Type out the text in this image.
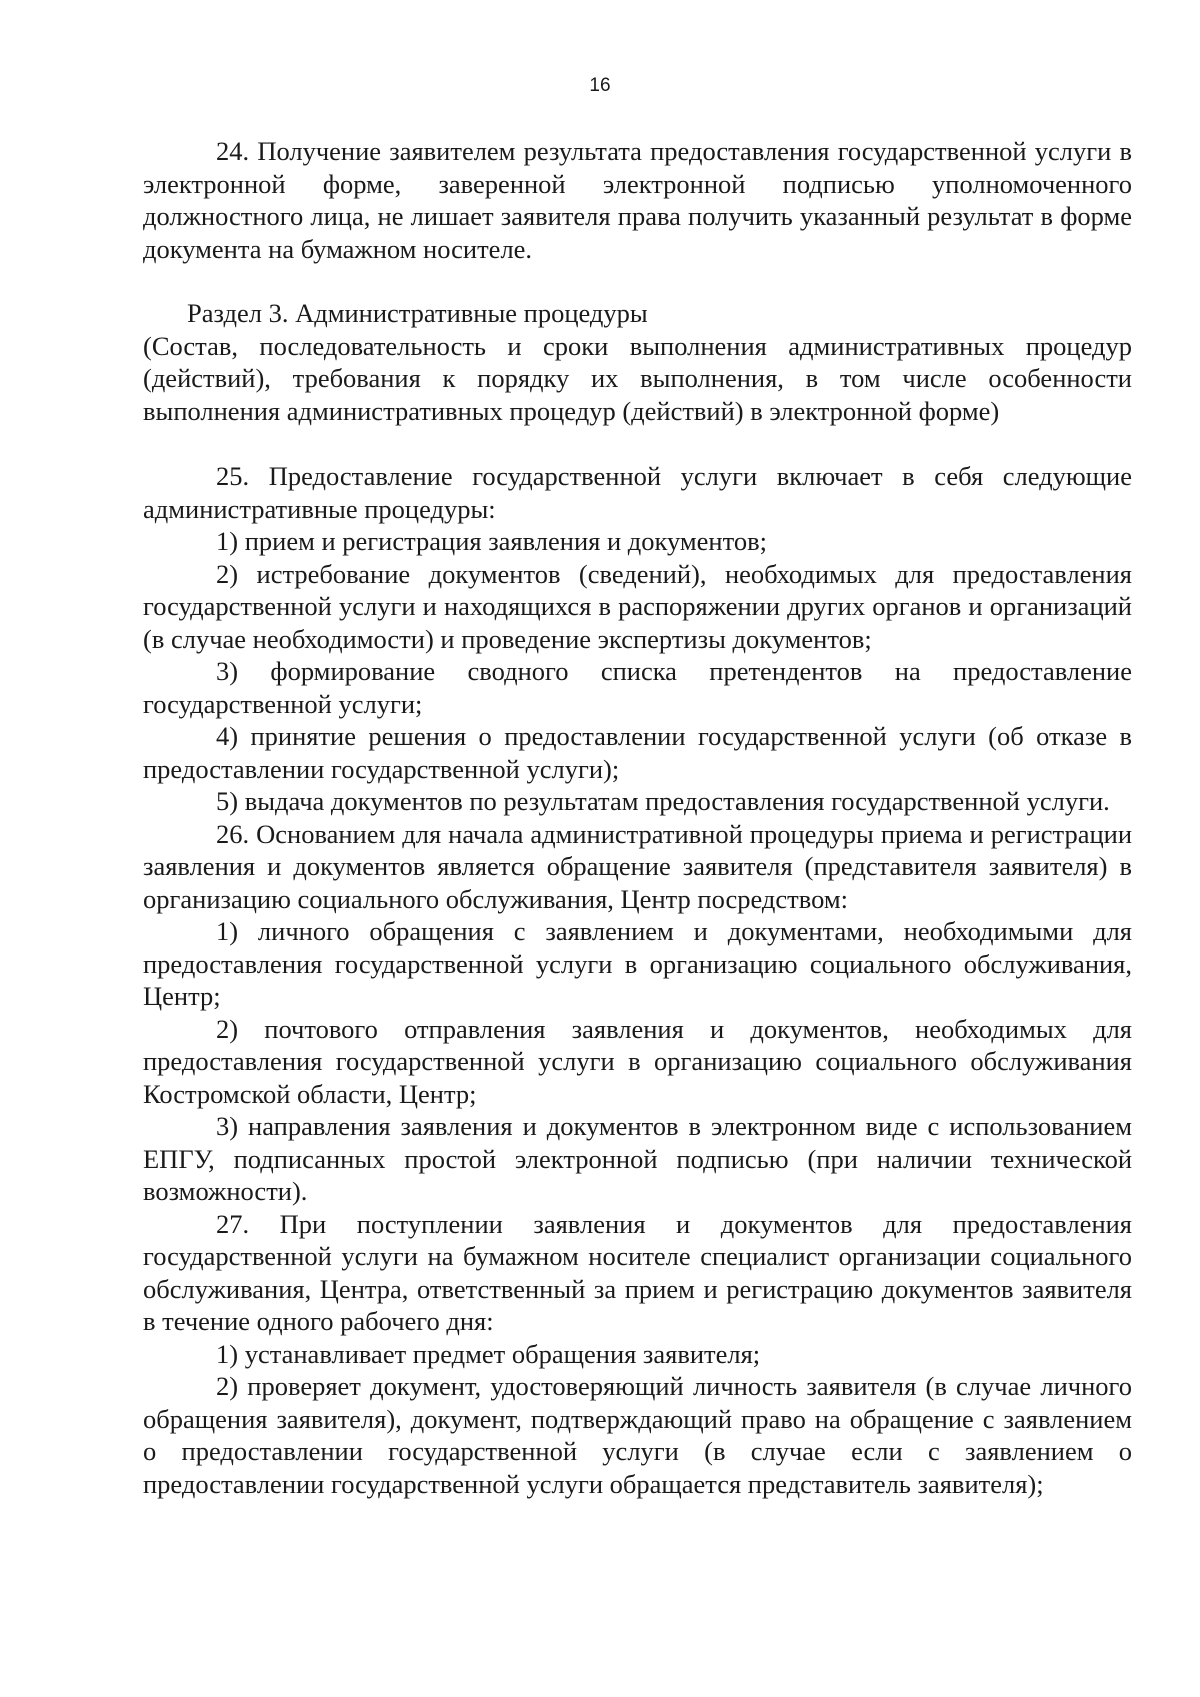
16

24. Получение заявителем результата предоставления государственной услуги в электронной форме, заверенной электронной подписью уполномоченного должностного лица, не лишает заявителя права получить указанный результат в форме документа на бумажном носителе.

Раздел 3. Административные процедуры

(Состав, последовательность и сроки выполнения административных процедур (действий), требования к порядку их выполнения, в том числе особенности выполнения административных процедур (действий) в электронной форме)

25. Предоставление государственной услуги включает в себя следующие административные процедуры:

1) прием и регистрация заявления и документов;

2) истребование документов (сведений), необходимых для предоставления государственной услуги и находящихся в распоряжении других органов и организаций (в случае необходимости) и проведение экспертизы документов;

3) формирование сводного списка претендентов на предоставление государственной услуги;

4) принятие решения о предоставлении государственной услуги (об отказе в предоставлении государственной услуги);

5) выдача документов по результатам предоставления государственной услуги.

26. Основанием для начала административной процедуры приема и регистрации заявления и документов является обращение заявителя (представителя заявителя) в организацию социального обслуживания, Центр посредством:

1) личного обращения с заявлением и документами, необходимыми для предоставления государственной услуги в организацию социального обслуживания, Центр;

2) почтового отправления заявления и документов, необходимых для предоставления государственной услуги в организацию социального обслуживания Костромской области, Центр;

3) направления заявления и документов в электронном виде с использованием ЕПГУ, подписанных простой электронной подписью (при наличии технической возможности).

27. При поступлении заявления и документов для предоставления государственной услуги на бумажном носителе специалист организации социального обслуживания, Центра, ответственный за прием и регистрацию документов заявителя в течение одного рабочего дня:

1) устанавливает предмет обращения заявителя;

2) проверяет документ, удостоверяющий личность заявителя (в случае личного обращения заявителя), документ, подтверждающий право на обращение с заявлением о предоставлении государственной услуги (в случае если с заявлением о предоставлении государственной услуги обращается представитель заявителя);
